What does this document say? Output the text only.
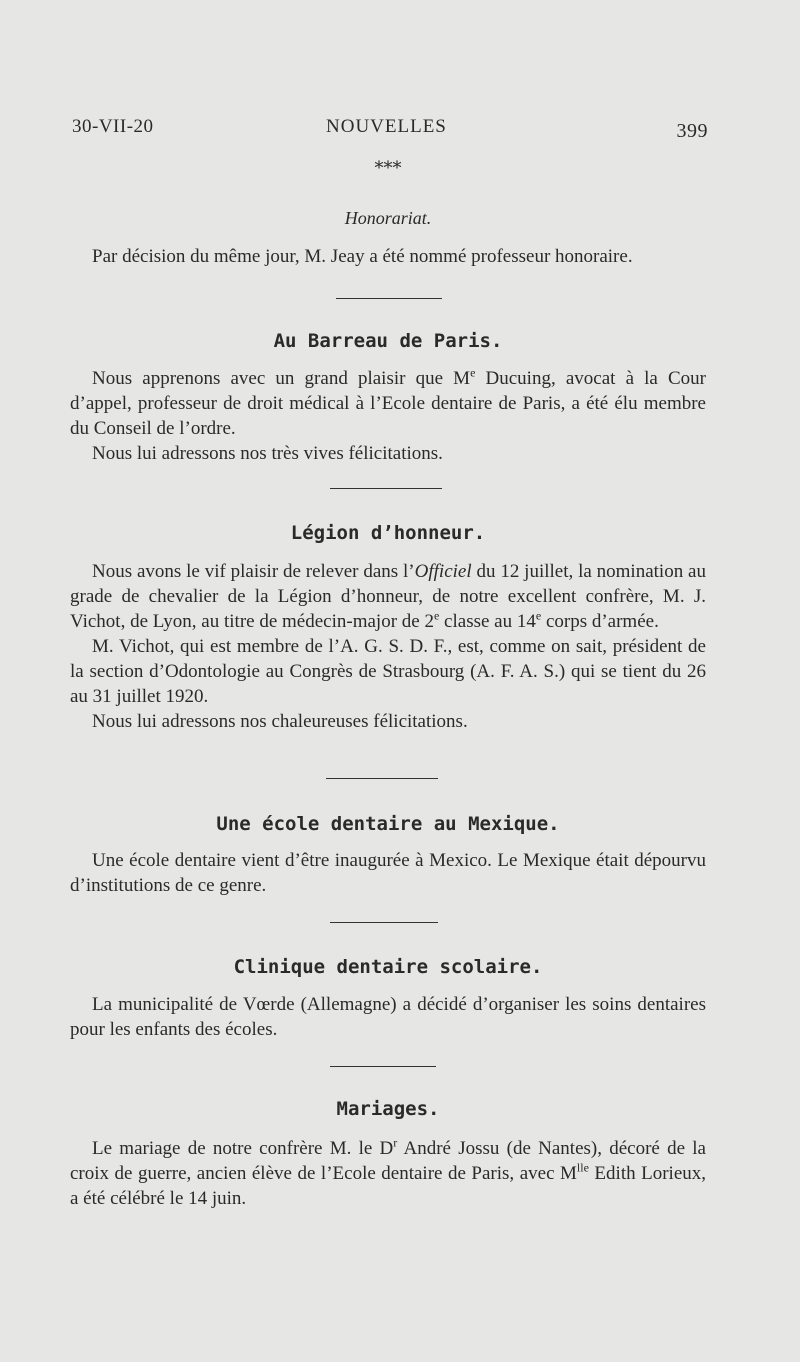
30-VII-20	NOUVELLES	399
⁎⁎⁎
Honorariat.

Par décision du même jour, M. Jeay a été nommé professeur honoraire.

Au Barreau de Paris.

Nous apprenons avec un grand plaisir que Me Ducuing, avocat à la Cour d’appel, professeur de droit médical à l’Ecole dentaire de Paris, a été élu membre du Conseil de l’ordre.

Nous lui adressons nos très vives félicitations.

Légion d’honneur.

Nous avons le vif plaisir de relever dans l’Officiel du 12 juillet, la nomination au grade de chevalier de la Légion d’honneur, de notre excellent confrère, M. J. Vichot, de Lyon, au titre de médecin-major de 2e classe au 14e corps d’armée.

M. Vichot, qui est membre de l’A. G. S. D. F., est, comme on sait, président de la section d’Odontologie au Congrès de Strasbourg (A. F. A. S.) qui se tient du 26 au 31 juillet 1920.

Nous lui adressons nos chaleureuses félicitations.

Une école dentaire au Mexique.

Une école dentaire vient d’être inaugurée à Mexico. Le Mexique était dépourvu d’institutions de ce genre.

Clinique dentaire scolaire.

La municipalité de Vœrde (Allemagne) a décidé d’organiser les soins dentaires pour les enfants des écoles.

Mariages.

Le mariage de notre confrère M. le $D^r$ André Jossu (de Nantes), décoré de la croix de guerre, ancien élève de l’Ecole dentaire de Paris, avec $M^{lle}$ Edith Lorieux, a été célébré le 14 juin.
